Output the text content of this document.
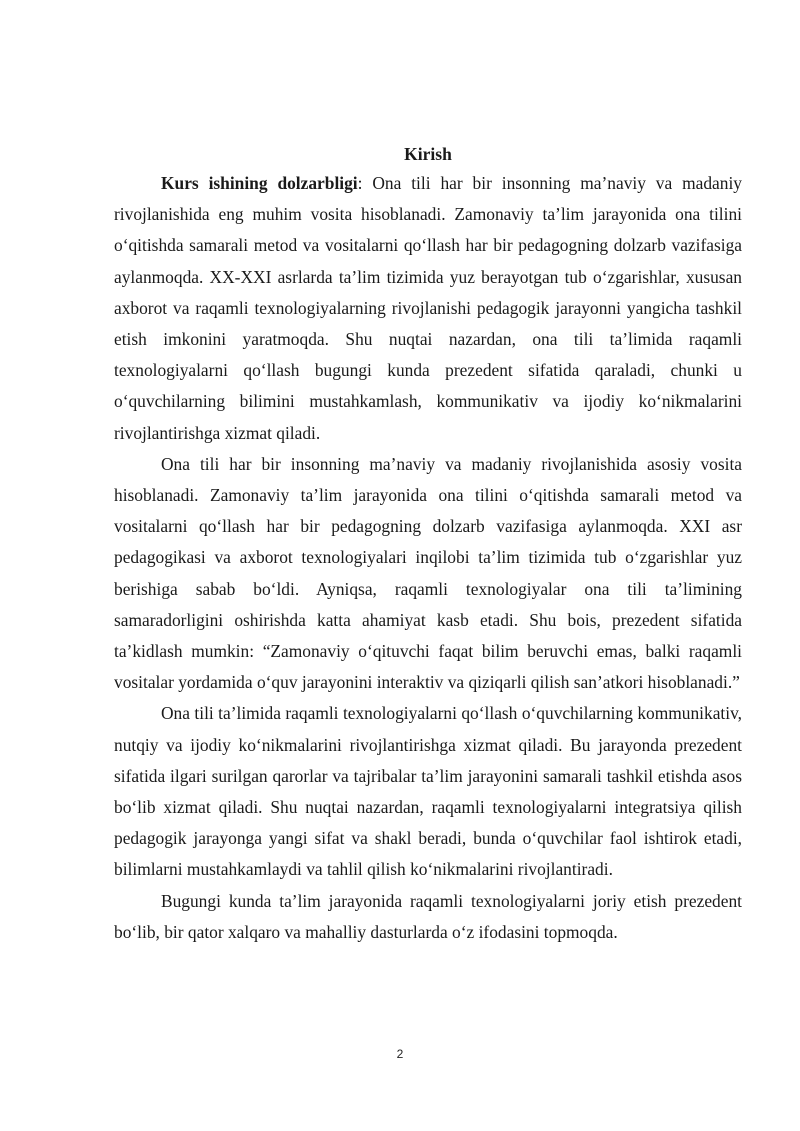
Kirish

Kurs ishining dolzarbligi: Ona tili har bir insonning ma’naviy va madaniy rivojlanishida eng muhim vosita hisoblanadi. Zamonaviy ta’lim jarayonida ona tilini o‘qitishda samarali metod va vositalarni qo‘llash har bir pedagogning dolzarb vazifasiga aylanmoqda. XX-XXI asrlarda ta’lim tizimida yuz berayotgan tub o‘zgarishlar, xususan axborot va raqamli texnologiyalarning rivojlanishi pedagogik jarayonni yangicha tashkil etish imkonini yaratmoqda. Shu nuqtai nazardan, ona tili ta’limida raqamli texnologiyalarni qo‘llash bugungi kunda prezedent sifatida qaraladi, chunki u o‘quvchilarning bilimini mustahkamlash, kommunikativ va ijodiy ko‘nikmalarini rivojlantirishga xizmat qiladi.

Ona tili har bir insonning ma’naviy va madaniy rivojlanishida asosiy vosita hisoblanadi. Zamonaviy ta’lim jarayonida ona tilini o‘qitishda samarali metod va vositalarni qo‘llash har bir pedagogning dolzarb vazifasiga aylanmoqda. XXI asr pedagogikasi va axborot texnologiyalari inqilobi ta’lim tizimida tub o‘zgarishlar yuz berishiga sabab bo‘ldi. Ayniqsa, raqamli texnologiyalar ona tili ta’limining samaradorligini oshirishda katta ahamiyat kasb etadi. Shu bois, prezedent sifatida ta’kidlash mumkin: “Zamonaviy o‘qituvchi faqat bilim beruvchi emas, balki raqamli vositalar yordamida o‘quv jarayonini interaktiv va qiziqarli qilish san’atkori hisoblanadi.”

Ona tili ta’limida raqamli texnologiyalarni qo‘llash o‘quvchilarning kommunikativ, nutqiy va ijodiy ko‘nikmalarini rivojlantirishga xizmat qiladi. Bu jarayonda prezedent sifatida ilgari surilgan qarorlar va tajribalar ta’lim jarayonini samarali tashkil etishda asos bo‘lib xizmat qiladi. Shu nuqtai nazardan, raqamli texnologiyalarni integratsiya qilish pedagogik jarayonga yangi sifat va shakl beradi, bunda o‘quvchilar faol ishtirok etadi, bilimlarni mustahkamlaydi va tahlil qilish ko‘nikmalarini rivojlantiradi.

Bugungi kunda ta’lim jarayonida raqamli texnologiyalarni joriy etish prezedent bo‘lib, bir qator xalqaro va mahalliy dasturlarda o‘z ifodasini topmoqda.

2
